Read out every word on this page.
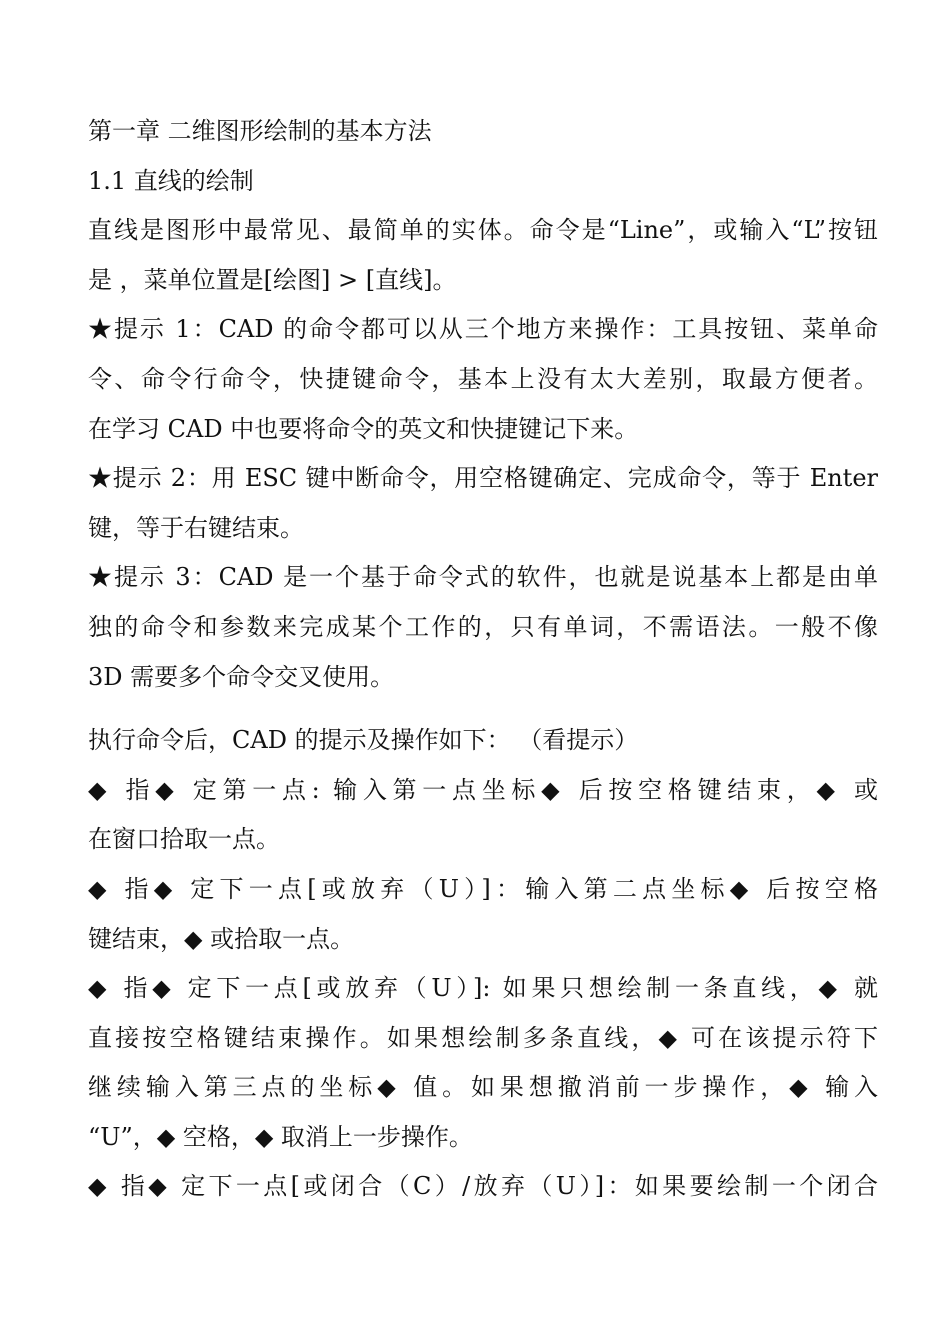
第一章 二维图形绘制的基本方法
1.1 直线的绘制
直线是图形中最常见、最简单的实体。命令是“Line”，或输入“L”按钮
是 ，菜单位置是[绘图] > [直线]。
★提示 1：CAD 的命令都可以从三个地方来操作：工具按钮、菜单命
令、命令行命令，快捷键命令，基本上没有太大差别，取最方便者。
在学习 CAD 中也要将命令的英文和快捷键记下来。
★提示 2：用 ESC 键中断命令，用空格键确定、完成命令，等于 Enter
键，等于右键结束。
★提示 3：CAD 是一个基于命令式的软件，也就是说基本上都是由单
独的命令和参数来完成某个工作的，只有单词，不需语法。一般不像
3D 需要多个命令交叉使用。
执行命令后，CAD 的提示及操作如下： （看提示）
◆ 指◆ 定第一点: 输入第一点坐标◆ 后按空格键结束，◆ 或
在窗口拾取一点。
◆ 指◆ 定下一点[或放弃（U）]：输入第二点坐标◆ 后按空格
键结束，◆ 或拾取一点。
◆ 指◆ 定下一点[或放弃（U）]: 如果只想绘制一条直线，◆ 就
直接按空格键结束操作。如果想绘制多条直线，◆ 可在该提示符下
继续输入第三点的坐标◆ 值。如果想撤消前一步操作，◆ 输入
“U”，◆ 空格，◆ 取消上一步操作。
◆ 指◆ 定下一点[或闭合（C）/放弃（U）]：如果要绘制一个闭合
